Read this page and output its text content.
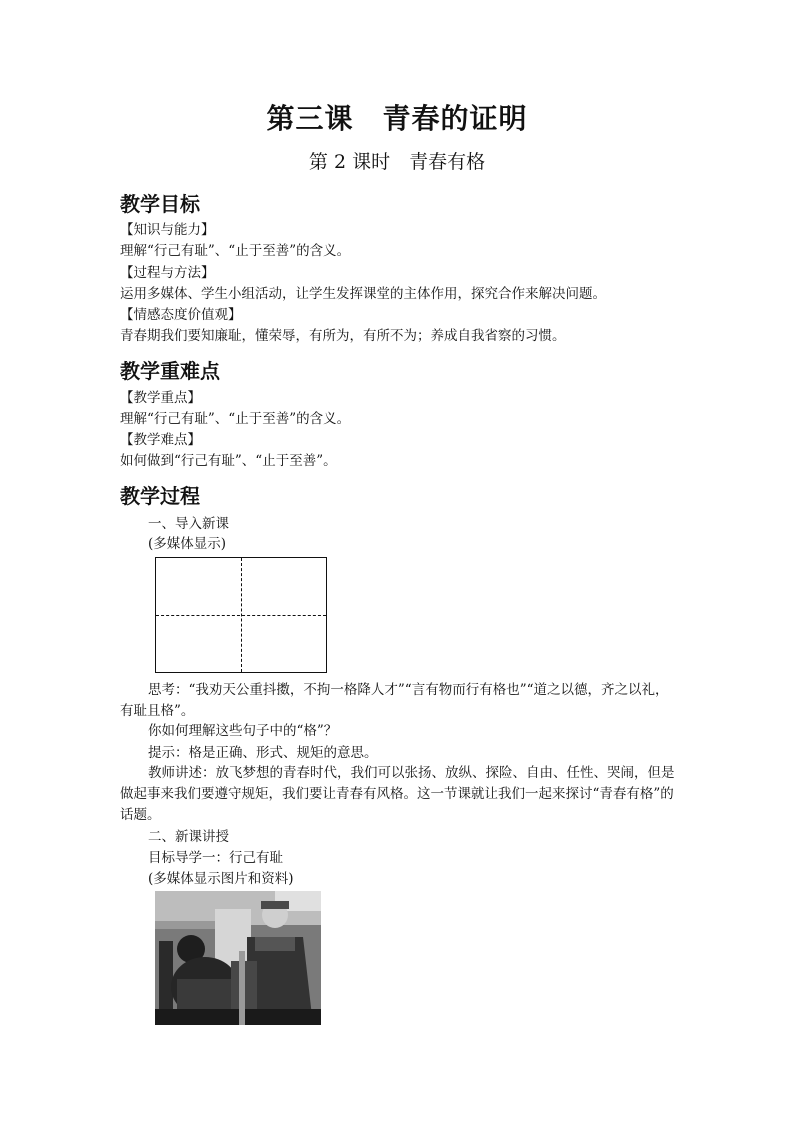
第三课　青春的证明
第 2 课时　青春有格
教学目标
【知识与能力】
理解“行己有耻”、“止于至善”的含义。
【过程与方法】
运用多媒体、学生小组活动，让学生发挥课堂的主体作用，探究合作来解决问题。
【情感态度价值观】
青春期我们要知廉耻，懂荣辱，有所为，有所不为；养成自我省察的习惯。
教学重难点
【教学重点】
理解“行己有耻”、“止于至善”的含义。
【教学难点】
如何做到“行己有耻”、“止于至善”。
教学过程
一、导入新课
(多媒体显示)
思考：“我劝天公重抖擞，不拘一格降人才”“言有物而行有格也”“道之以德，齐之以礼，有耻且格”。
你如何理解这些句子中的“格”？
提示：格是正确、形式、规矩的意思。
教师讲述：放飞梦想的青春时代，我们可以张扬、放纵、探险、自由、任性、哭闹，但是做起事来我们要遵守规矩，我们要让青春有风格。这一节课就让我们一起来探讨“青春有格”的话题。
二、新课讲授
目标导学一：行己有耻
(多媒体显示图片和资料)
